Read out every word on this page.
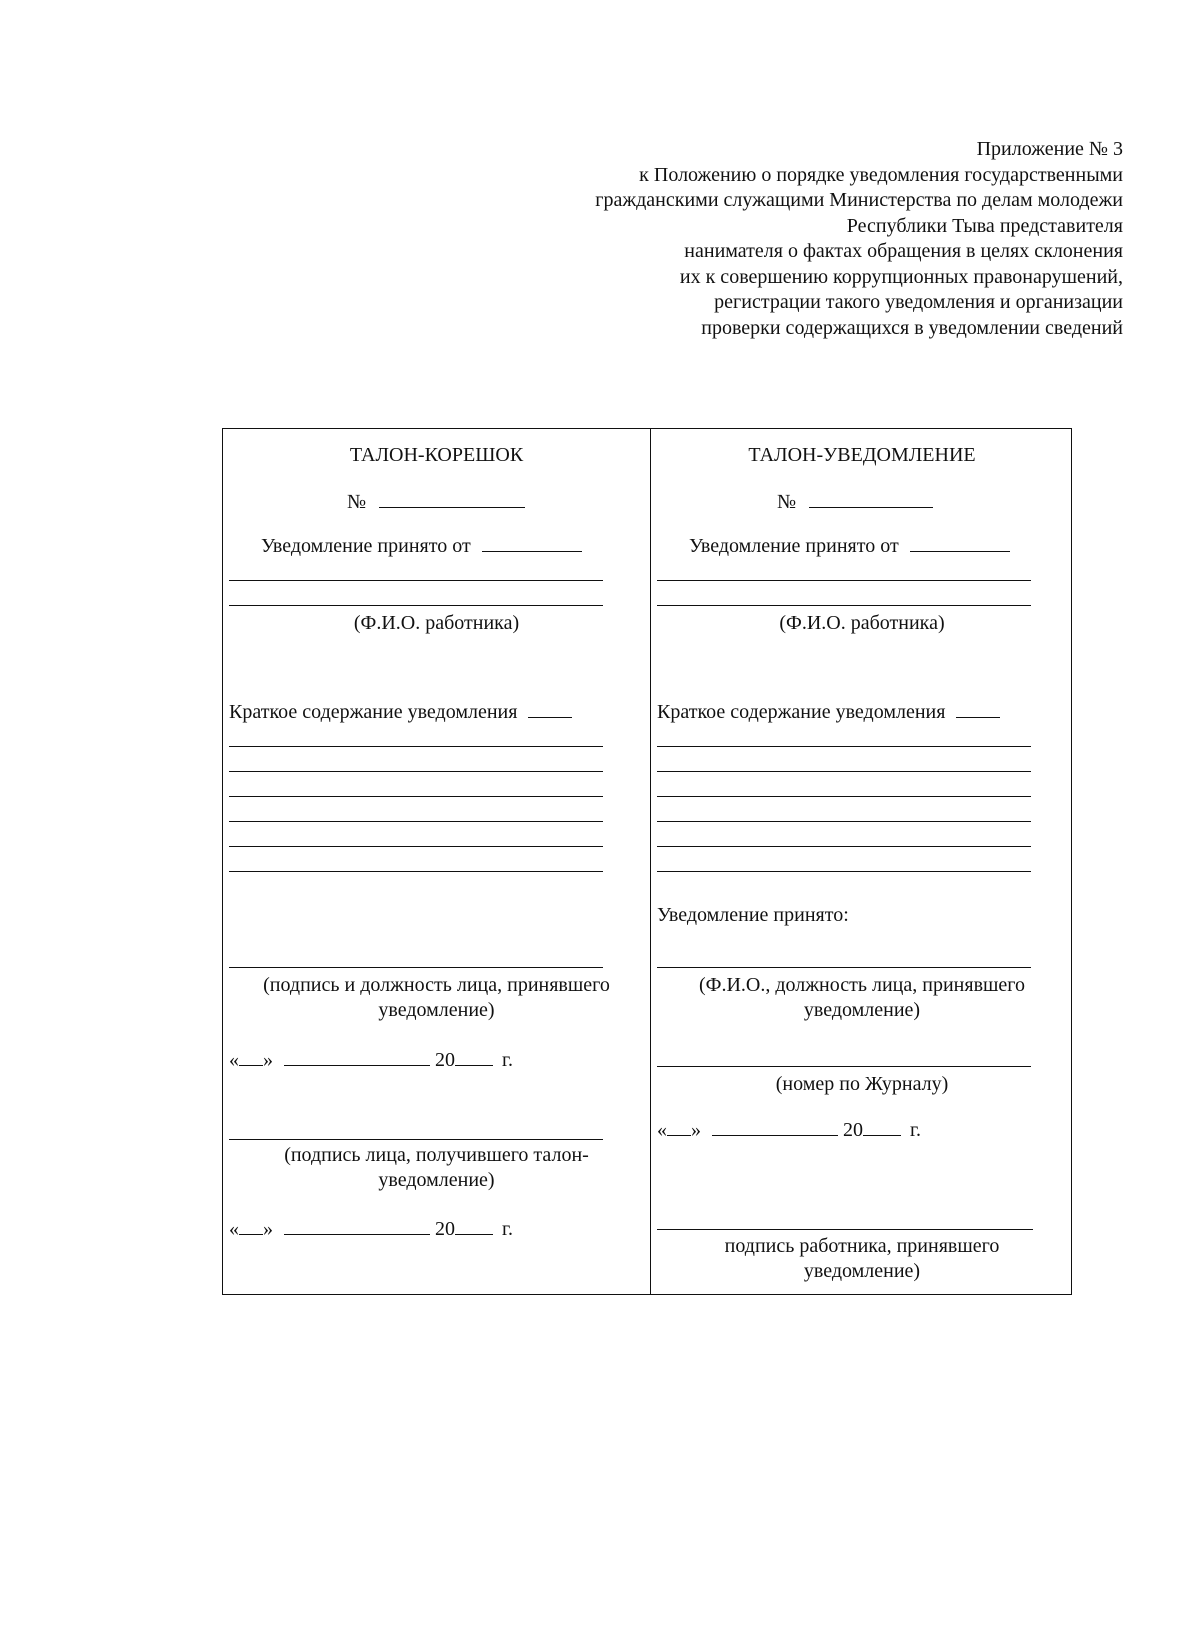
Приложение № 3
к Положению о порядке уведомления государственными
гражданскими служащими Министерства по делам молодежи
Республики Тыва представителя
нанимателя о фактах обращения в целях склонения
их к совершению коррупционных правонарушений,
регистрации такого уведомления и организации
проверки содержащихся в уведомлении сведений
ТАЛОН-КОРЕШОК
№
Уведомление принято от
(Ф.И.О. работника)
Краткое содержание уведомления
(подпись и должность лица, принявшего
уведомление)
« »	20 г.
(подпись лица, получившего талон-
уведомление)
« »	20 г.
ТАЛОН-УВЕДОМЛЕНИЕ
№
Уведомление принято от
(Ф.И.О. работника)
Краткое содержание уведомления
Уведомление принято:
(Ф.И.О., должность лица, принявшего
уведомление)
(номер по Журналу)
« »	20 г.
подпись работника, принявшего
уведомление)
